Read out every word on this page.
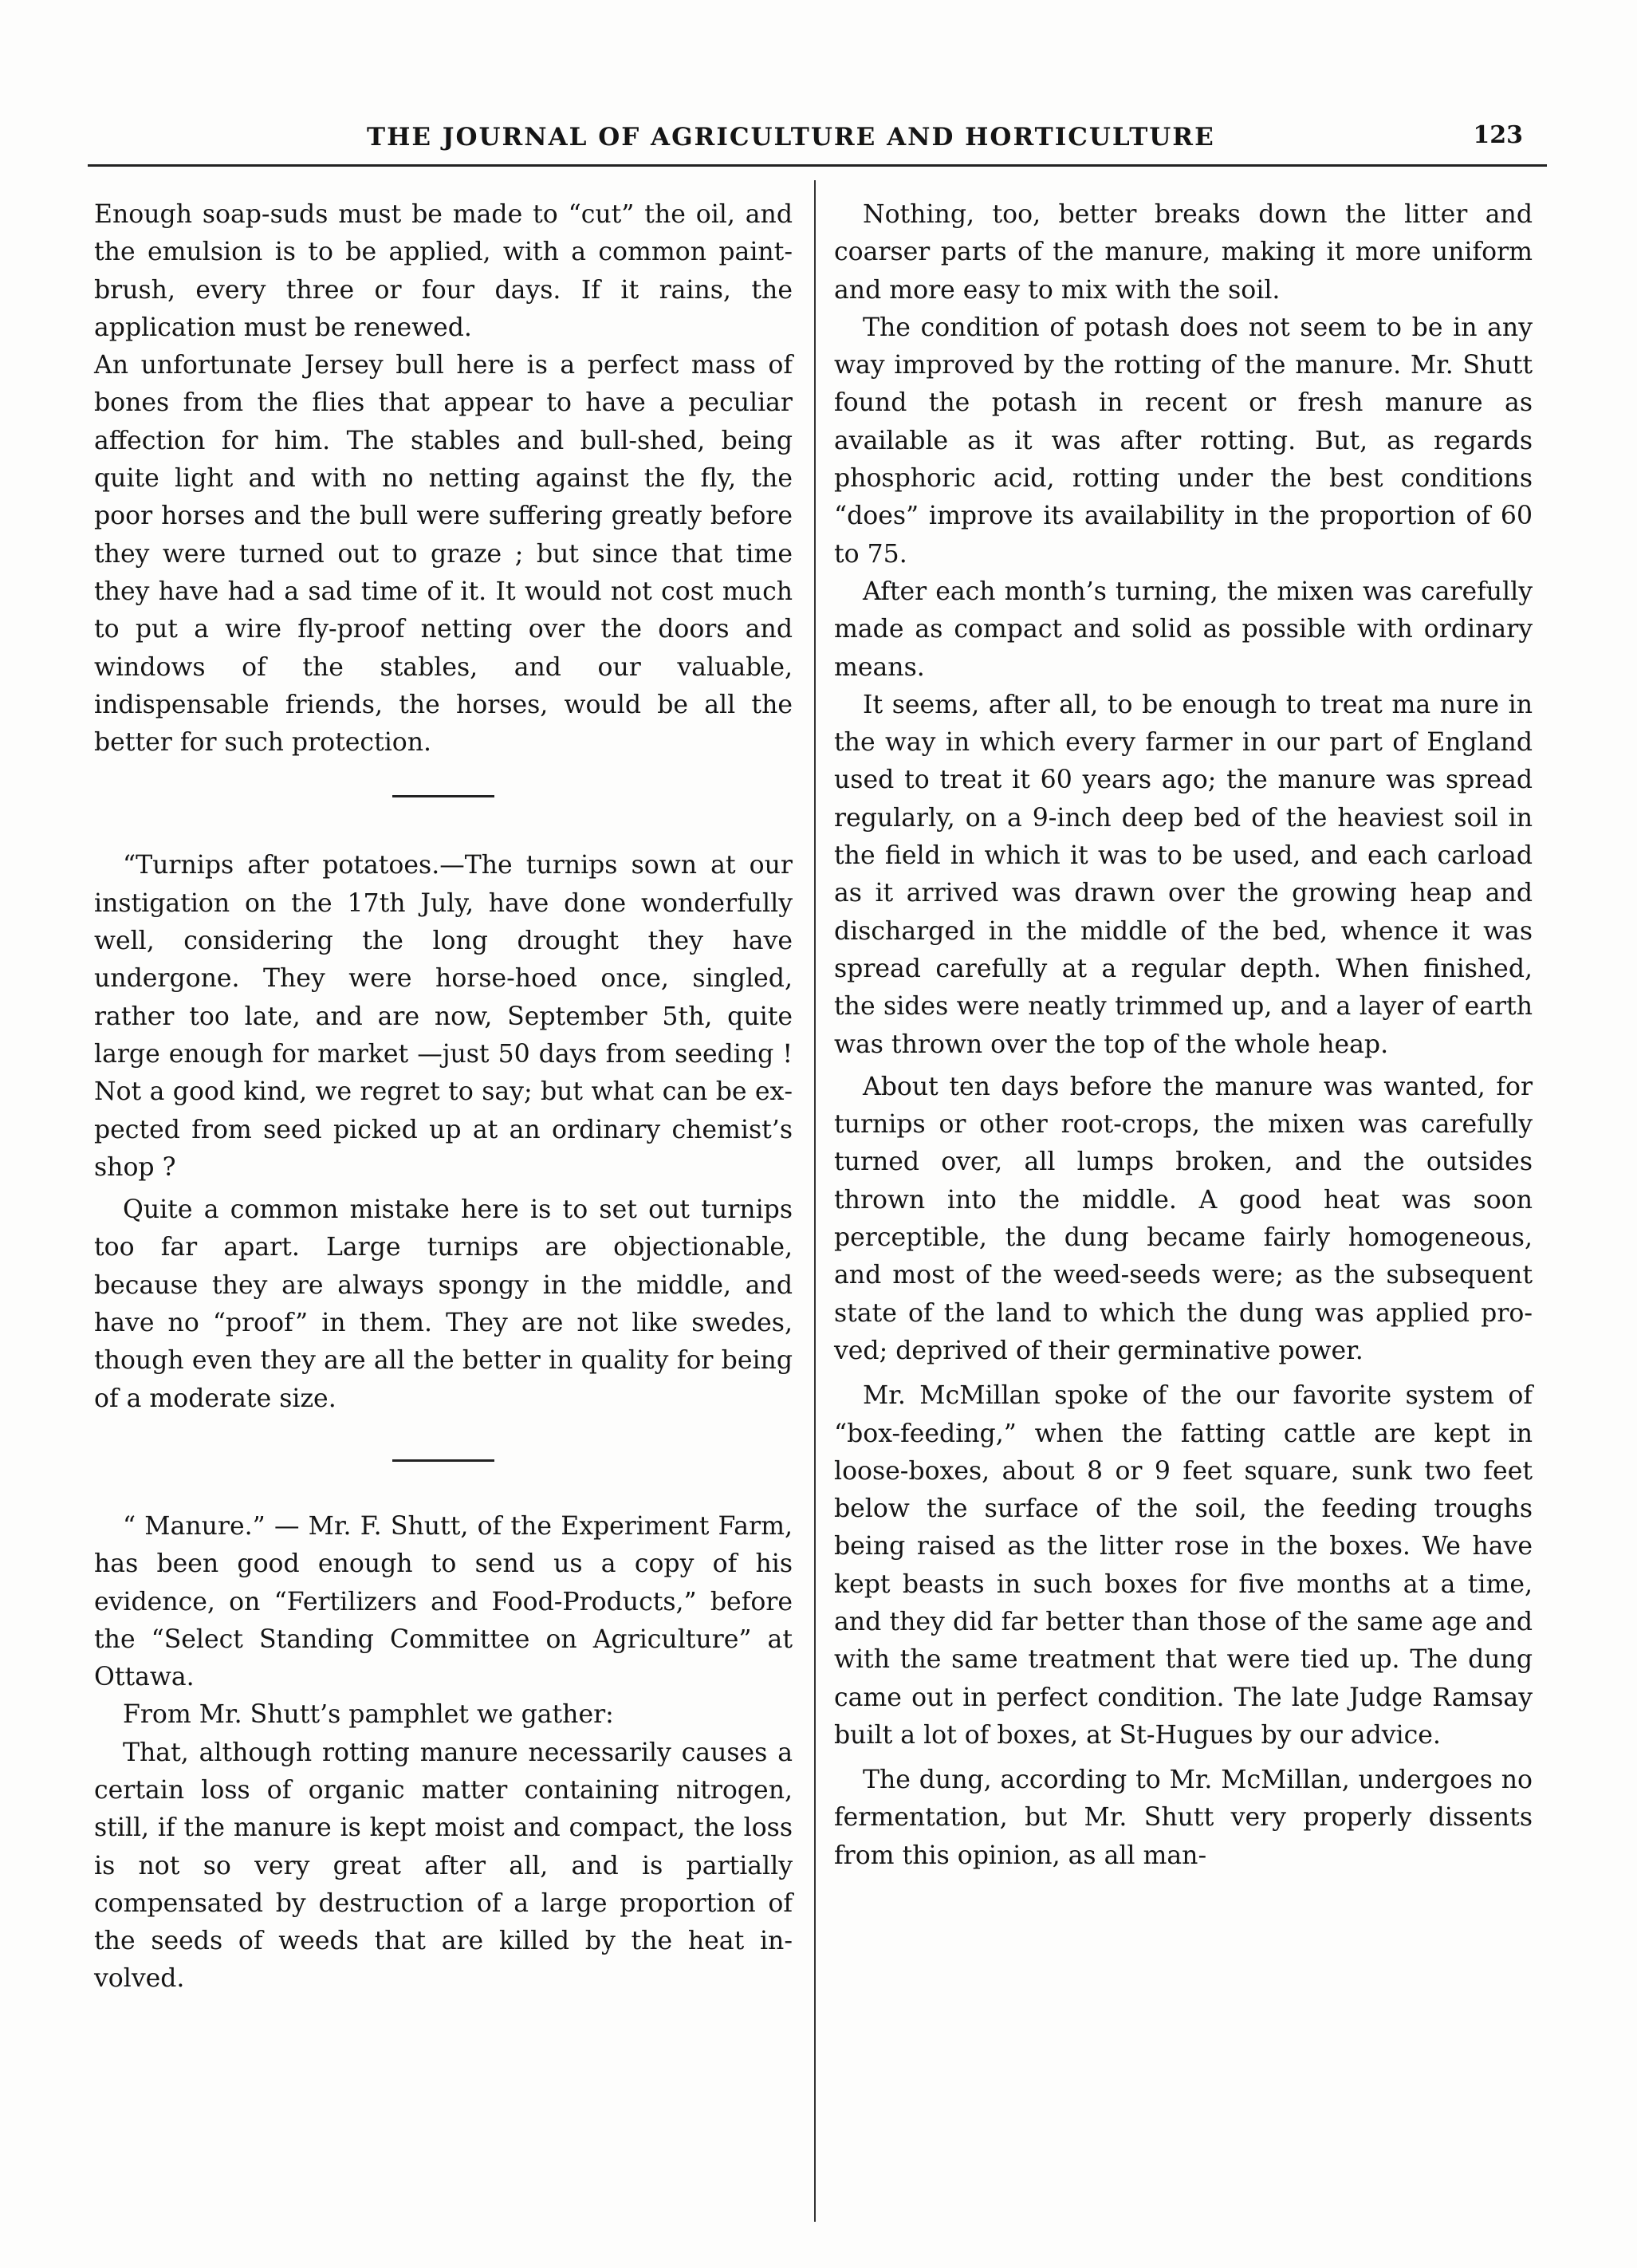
THE JOURNAL OF AGRICULTURE AND HORTICULTURE	123

Enough soap-suds must be made to “cut” the oil, and the emulsion is to be applied, with a common paint-brush, every three or four days. If it rains, the application must be renewed.

An unfortunate Jersey bull here is a perfect mass of bones from the flies that appear to have a peculiar affection for him. The stables and bull-shed, being quite light and with no netting against the fly, the poor horses and the bull were suffering greatly before they were turned out to graze ; but since that time they have had a sad time of it. It would not cost much to put a wire fly-proof netting over the doors and windows of the stables, and our valuable, indispensable friends, the horses, would be all the better for such protection.

“Turnips after potatoes.—The turnips sown at our instigation on the 17th July, have done wonderfully well, considering the long drought they have undergone. They were horse-hoed once, singled, rather too late, and are now, September 5th, quite large enough for market —just 50 days from seeding ! Not a good kind, we regret to say; but what can be expected from seed picked up at an ordinary chemist’s shop ?

Quite a common mistake here is to set out turnips too far apart. Large turnips are objectionable, because they are always spongy in the middle, and have no “proof” in them. They are not like swedes, though even they are all the better in quality for being of a moderate size.

“ Manure.” — Mr. F. Shutt, of the Experiment Farm, has been good enough to send us a copy of his evidence, on “Fertilizers and Food-Products,” before the “Select Standing Committee on Agriculture” at Ottawa.

From Mr. Shutt’s pamphlet we gather:

That, although rotting manure necessarily causes a certain loss of organic matter containing nitrogen, still, if the manure is kept moist and compact, the loss is not so very great after all, and is partially compensated by destruction of a large proportion of the seeds of weeds that are killed by the heat involved.

Nothing, too, better breaks down the litter and coarser parts of the manure, making it more uniform and more easy to mix with the soil.

The condition of potash does not seem to be in any way improved by the rotting of the manure. Mr. Shutt found the potash in recent or fresh manure as available as it was after rotting. But, as regards phosphoric acid, rotting under the best conditions “does” improve its availability in the proportion of 60 to 75.

After each month’s turning, the mixen was carefully made as compact and solid as possible with ordinary means.

It seems, after all, to be enough to treat ma nure in the way in which every farmer in our part of England used to treat it 60 years ago; the manure was spread regularly, on a 9-inch deep bed of the heaviest soil in the field in which it was to be used, and each carload as it arrived was drawn over the growing heap and discharged in the middle of the bed, whence it was spread carefully at a regular depth. When finished, the sides were neatly trimmed up, and a layer of earth was thrown over the top of the whole heap.

About ten days before the manure was wanted, for turnips or other root-crops, the mixen was carefully turned over, all lumps broken, and the outsides thrown into the middle. A good heat was soon perceptible, the dung became fairly homogeneous, and most of the weed-seeds were; as the subsequent state of the land to which the dung was applied proved; deprived of their germinative power.

Mr. McMillan spoke of the our favorite system of “box-feeding,” when the fatting cattle are kept in loose-boxes, about 8 or 9 feet square, sunk two feet below the surface of the soil, the feeding troughs being raised as the litter rose in the boxes. We have kept beasts in such boxes for five months at a time, and they did far better than those of the same age and with the same treatment that were tied up. The dung came out in perfect condition. The late Judge Ramsay built a lot of boxes, at St-Hugues by our advice.

The dung, according to Mr. McMillan, undergoes no fermentation, but Mr. Shutt very properly dissents from this opinion, as all man-
